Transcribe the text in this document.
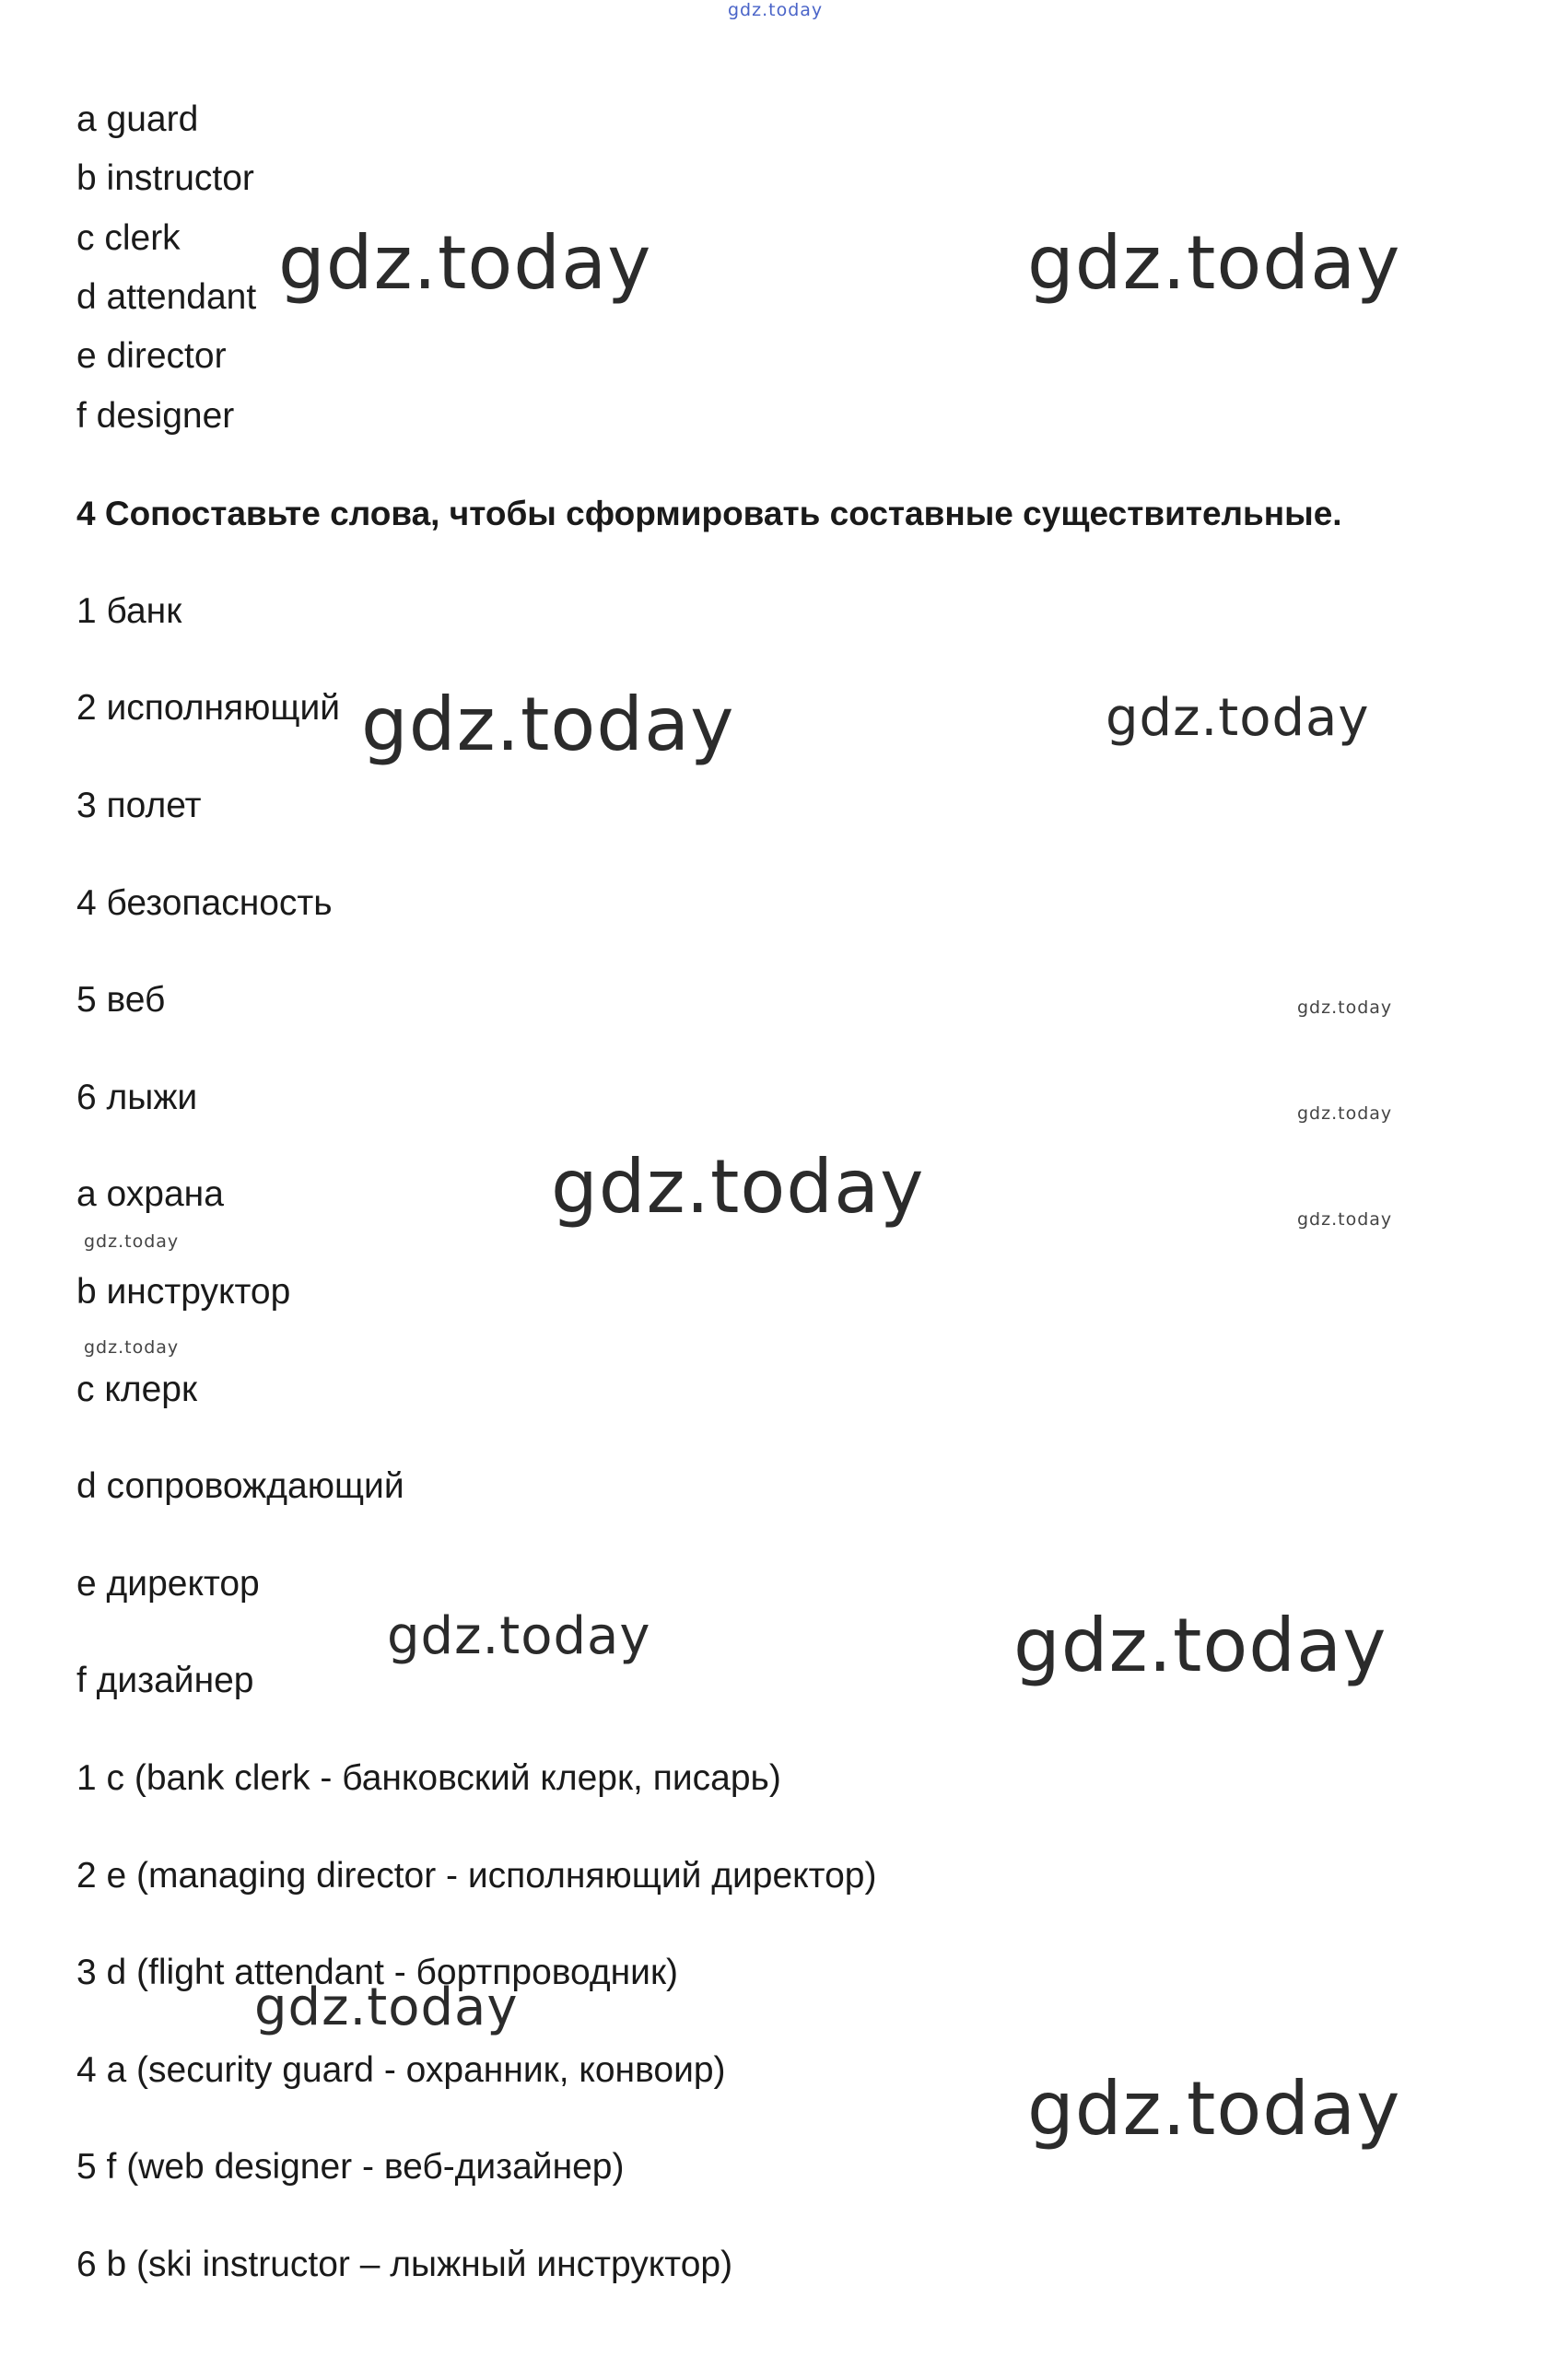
gdz.today
a guard
b instructor
c clerk
d attendant
e director
f designer
4 Сопоставьте слова, чтобы сформировать составные существительные.
1 банк
2 исполняющий
3 полет
4 безопасность
5 веб
6 лыжи
a охрана
b инструктор
c клерк
d сопровождающий
e директор
f дизайнер
1 c (bank clerk - банковский клерк, писарь)
2 e (managing director - исполняющий директор)
3 d (flight attendant - бортпроводник)
4 a (security guard - охранник, конвоир)
5 f (web designer - веб-дизайнер)
6 b (ski instructor – лыжный инструктор)
gdz.today	gdz.today
gdz.today	gdz.today
gdz.today
gdz.today
gdz.today	gdz.today
gdz.today
gdz.today
gdz.today	gdz.today
gdz.today
gdz.today
